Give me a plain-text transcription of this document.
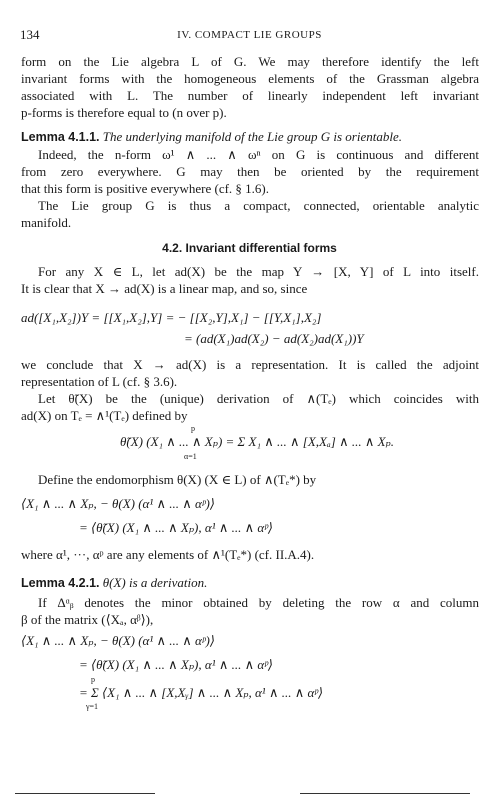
134	IV. COMPACT LIE GROUPS
form on the Lie algebra L of G. We may therefore identify the left
invariant forms with the homogeneous elements of the Grassman algebra
associated with L. The number of linearly independent left invariant
p-forms is therefore equal to (n over p).
Lemma 4.1.1. The underlying manifold of the Lie group G is orientable.
Indeed, the n-form ω¹ ∧ ... ∧ ωⁿ on G is continuous and different
from zero everywhere. G may then be oriented by the requirement
that this form is positive everywhere (cf. § 1.6).
The Lie group G is thus a compact, connected, orientable analytic
manifold.
4.2. Invariant differential forms
For any X ∈ L, let ad(X) be the map Y → [X, Y] of L into itself.
It is clear that X → ad(X) is a linear map, and so, since
ad([X₁,X₂])Y = [[X₁,X₂],Y] = − [[X₂,Y],X₁] − [[Y,X₁],X₂]
= (ad(X₁)ad(X₂) − ad(X₂)ad(X₁))Y
we conclude that X → ad(X) is a representation. It is called the adjoint
representation of L (cf. § 3.6).
Let θ̃(X) be the (unique) derivation of ∧(Tₑ) which coincides with
ad(X) on Tₑ = ∧¹(Tₑ) defined by
p
θ̃(X) (X₁ ∧ ... ∧ Xₚ) = Σ X₁ ∧ ... ∧ [X,Xₐ] ∧ ... ∧ Xₚ.
α=1
Define the endomorphism θ(X) (X ∈ L) of ∧(Tₑ*) by
⟨X₁ ∧ ... ∧ Xₚ, − θ(X) (α¹ ∧ ... ∧ αᵖ)⟩
= ⟨θ̃(X) (X₁ ∧ ... ∧ Xₚ), α¹ ∧ ... ∧ αᵖ⟩
where α¹, ···, αᵖ are any elements of ∧¹(Tₑ*) (cf. II.A.4).
Lemma 4.2.1. θ(X) is a derivation.
If Δᵅᵦ denotes the minor obtained by deleting the row α and column
β of the matrix (⟨Xₐ, αᵝ⟩),
⟨X₁ ∧ ... ∧ Xₚ, − θ(X) (α¹ ∧ ... ∧ αᵖ)⟩
= ⟨θ̃(X) (X₁ ∧ ... ∧ Xₚ), α¹ ∧ ... ∧ αᵖ⟩
p
= Σ ⟨X₁ ∧ ... ∧ [X,Xᵧ] ∧ ... ∧ Xₚ, α¹ ∧ ... ∧ αᵖ⟩
γ=1
